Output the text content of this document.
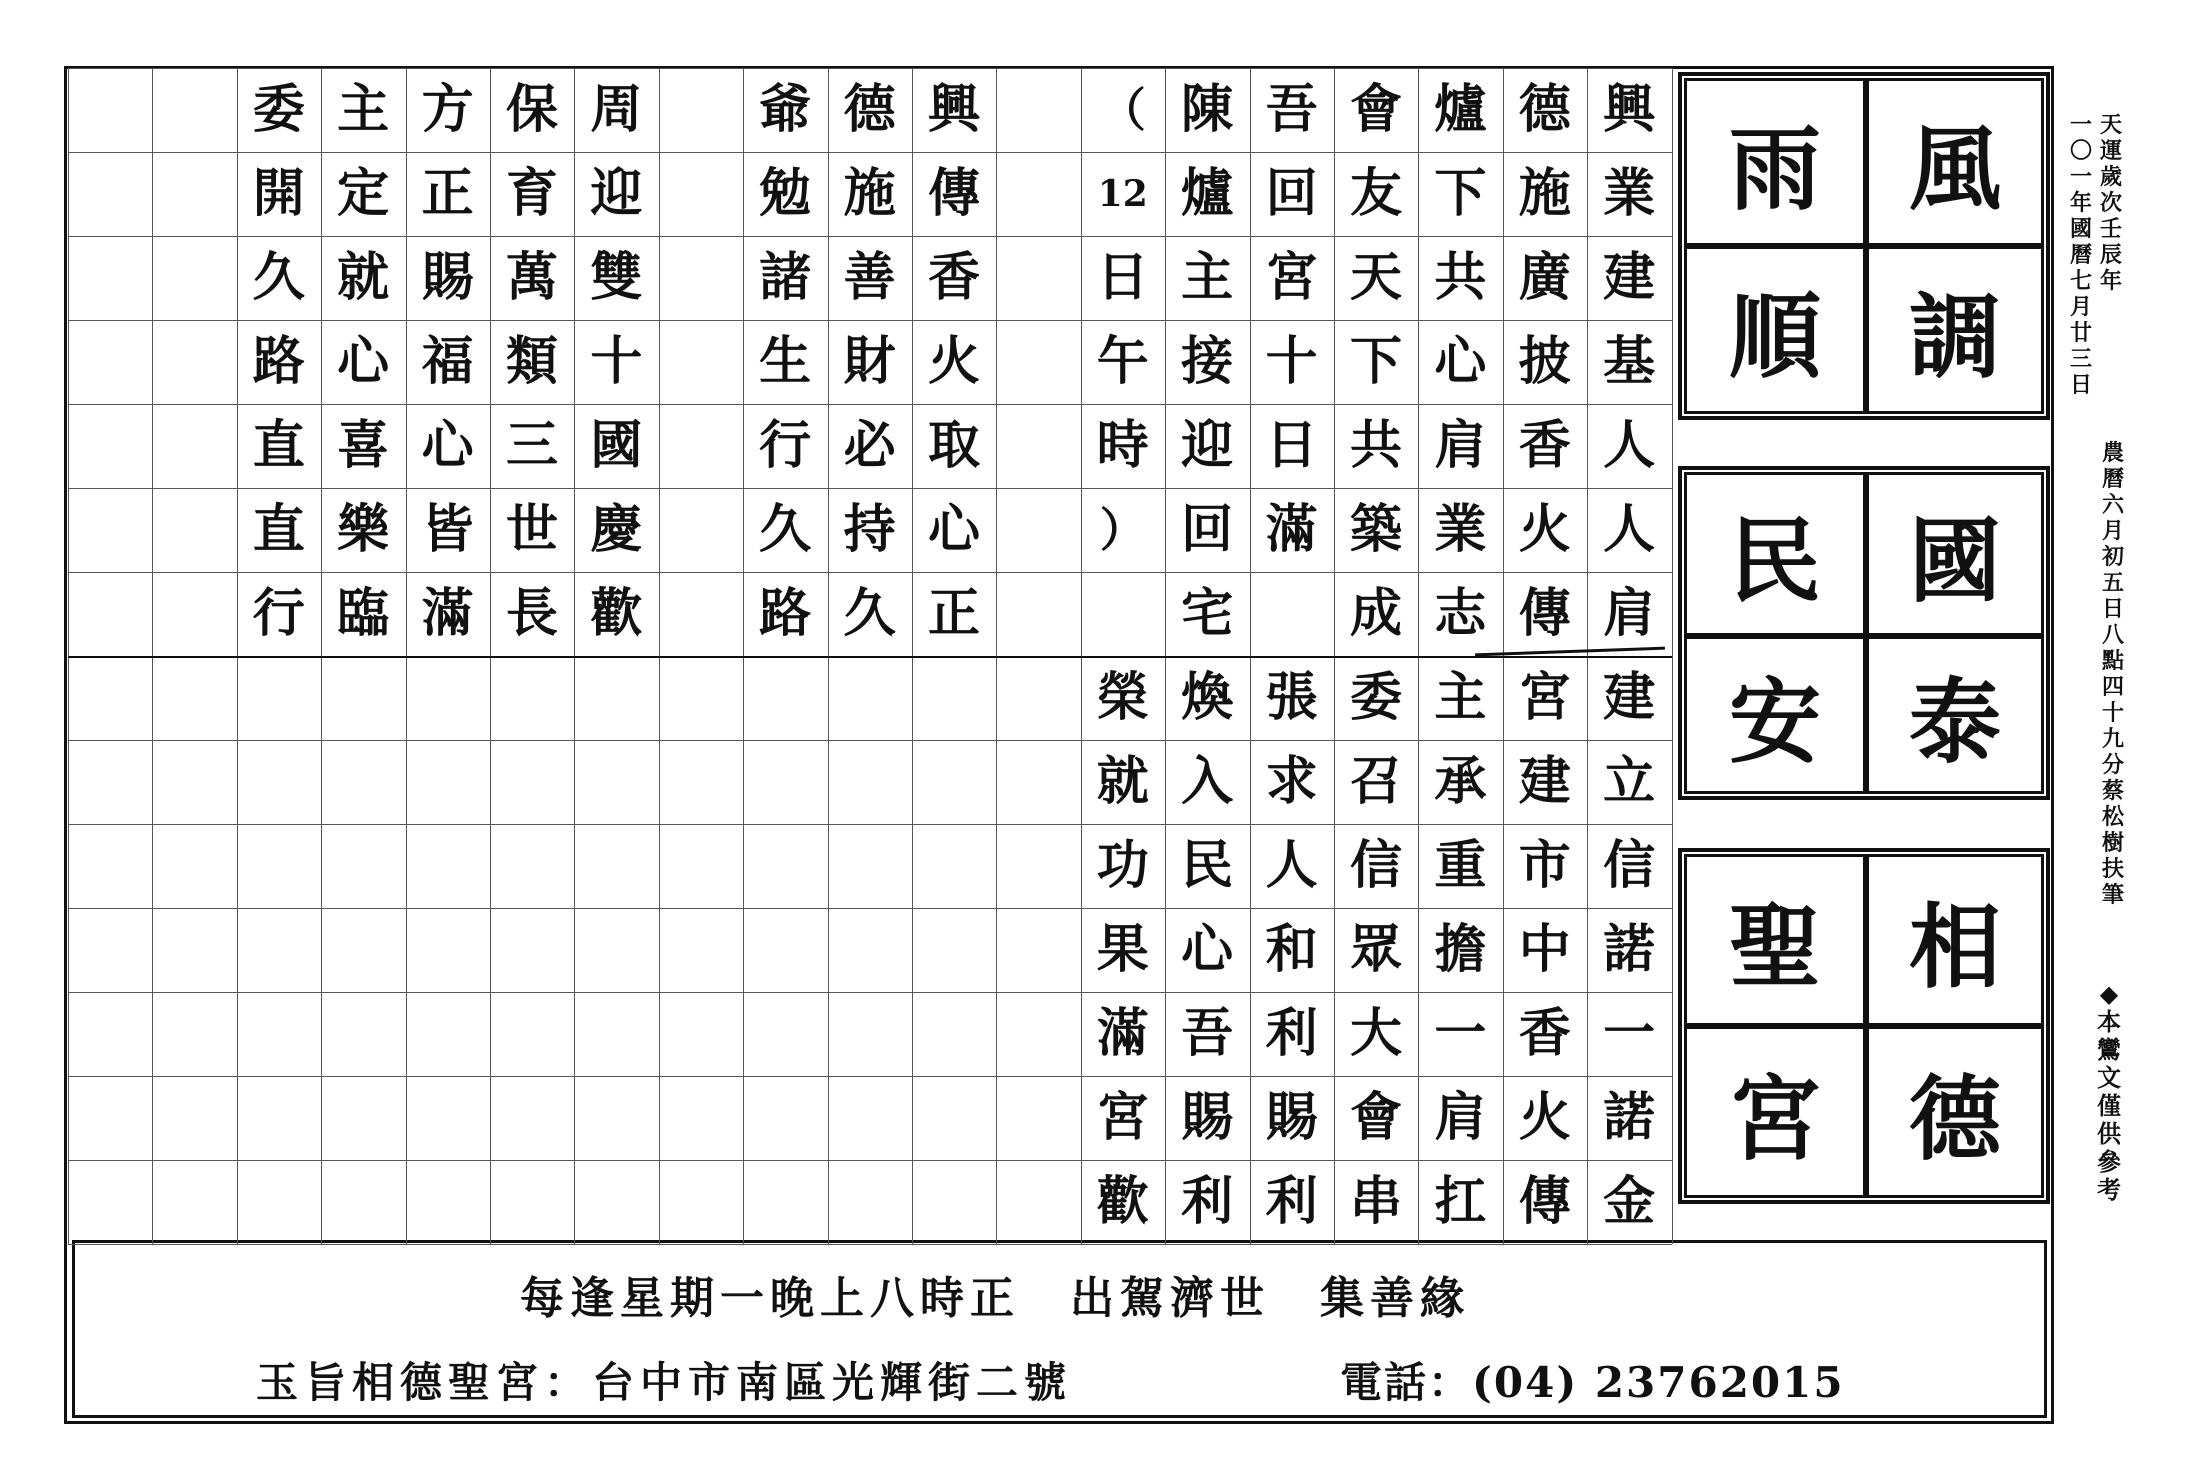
興
業
建
基
人
人
肩
德
施
廣
披
香
火
傳
爐
下
共
心
肩
業
志
會
友
天
下
共
築
成
吾
回
宮
十
日
滿
陳
爐
主
接
迎
回
宅
（
12
日
午
時
）
興
傳
香
火
取
心
正
德
施
善
財
必
持
久
爺
勉
諸
生
行
久
路
周
迎
雙
十
國
慶
歡
保
育
萬
類
三
世
長
方
正
賜
福
心
皆
滿
主
定
就
心
喜
樂
臨
委
開
久
路
直
直
行
建
立
信
諾
一
諾
金
宮
建
市
中
香
火
傳
主
承
重
擔
一
肩
扛
委
召
信
眾
大
會
串
張
求
人
和
利
賜
利
煥
入
民
心
吾
賜
利
榮
就
功
果
滿
宮
歡
風
調
雨
順
國
泰
民
安
相
德
聖
宮
天運歲次壬辰年
一〇一年國曆七月廿三日
農曆六月初五日八點四十九分蔡松樹扶筆
◆本鸞文僅供參考
每逢星期一晚上八時正　出駕濟世　集善緣
玉旨相德聖宮：台中市南區光輝街二號	電話：(04) 23762015
